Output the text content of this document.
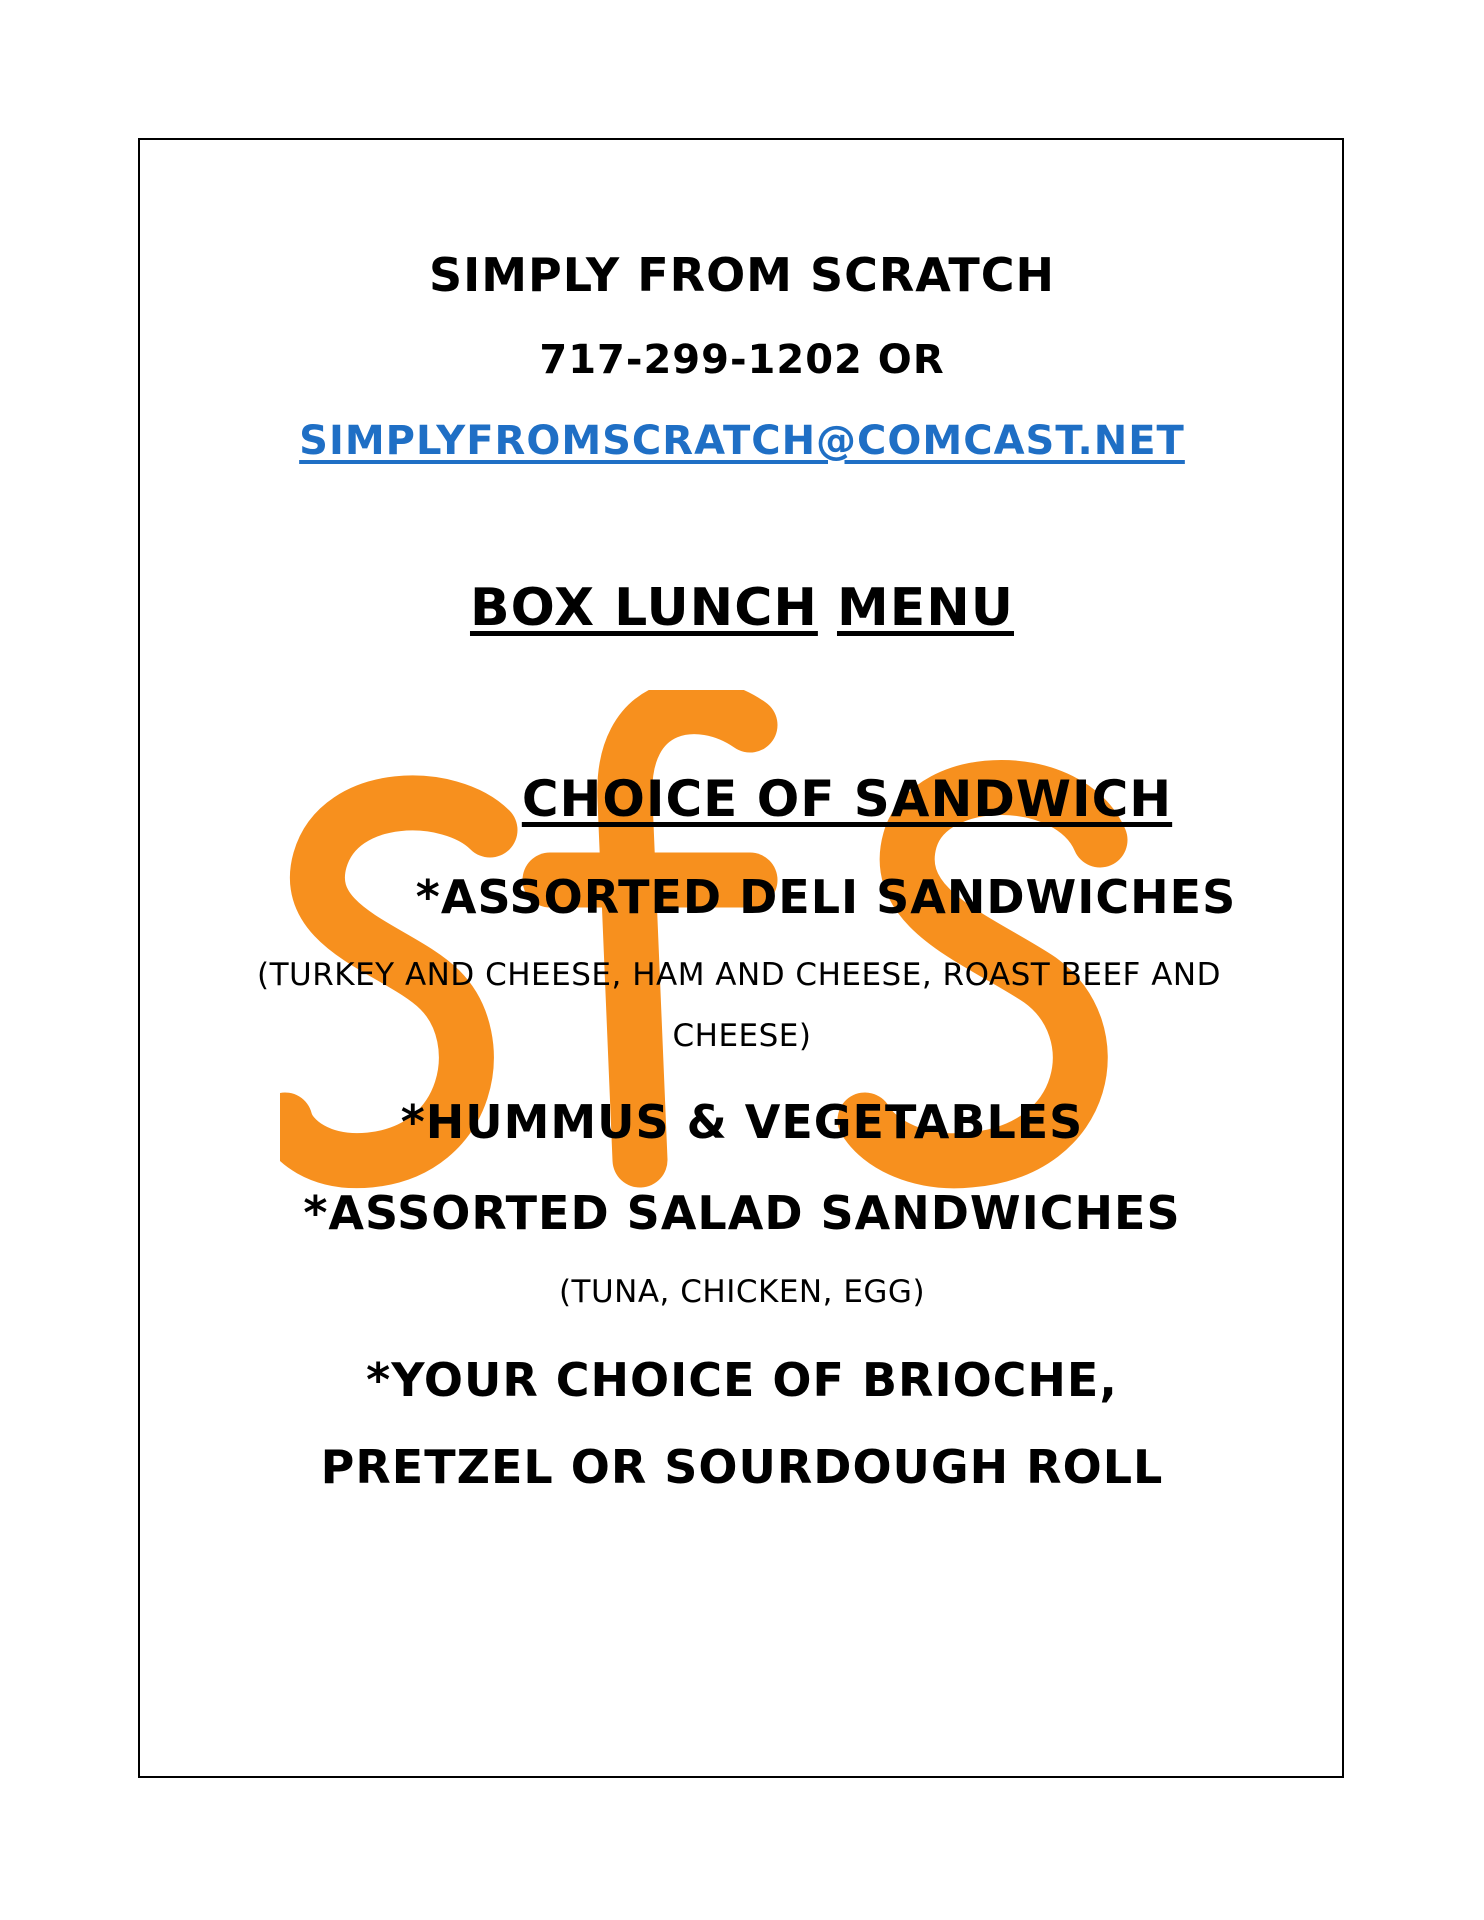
SIMPLY FROM SCRATCH
717-299-1202 OR
SIMPLYFROMSCRATCH@COMCAST.NET
BOX LUNCH MENU
CHOICE OF SANDWICH
*ASSORTED DELI SANDWICHES
(TURKEY AND CHEESE, HAM AND CHEESE, ROAST BEEF AND
CHEESE)
*HUMMUS & VEGETABLES
*ASSORTED SALAD SANDWICHES
(TUNA, CHICKEN, EGG)
*YOUR CHOICE OF BRIOCHE,
PRETZEL OR SOURDOUGH ROLL
